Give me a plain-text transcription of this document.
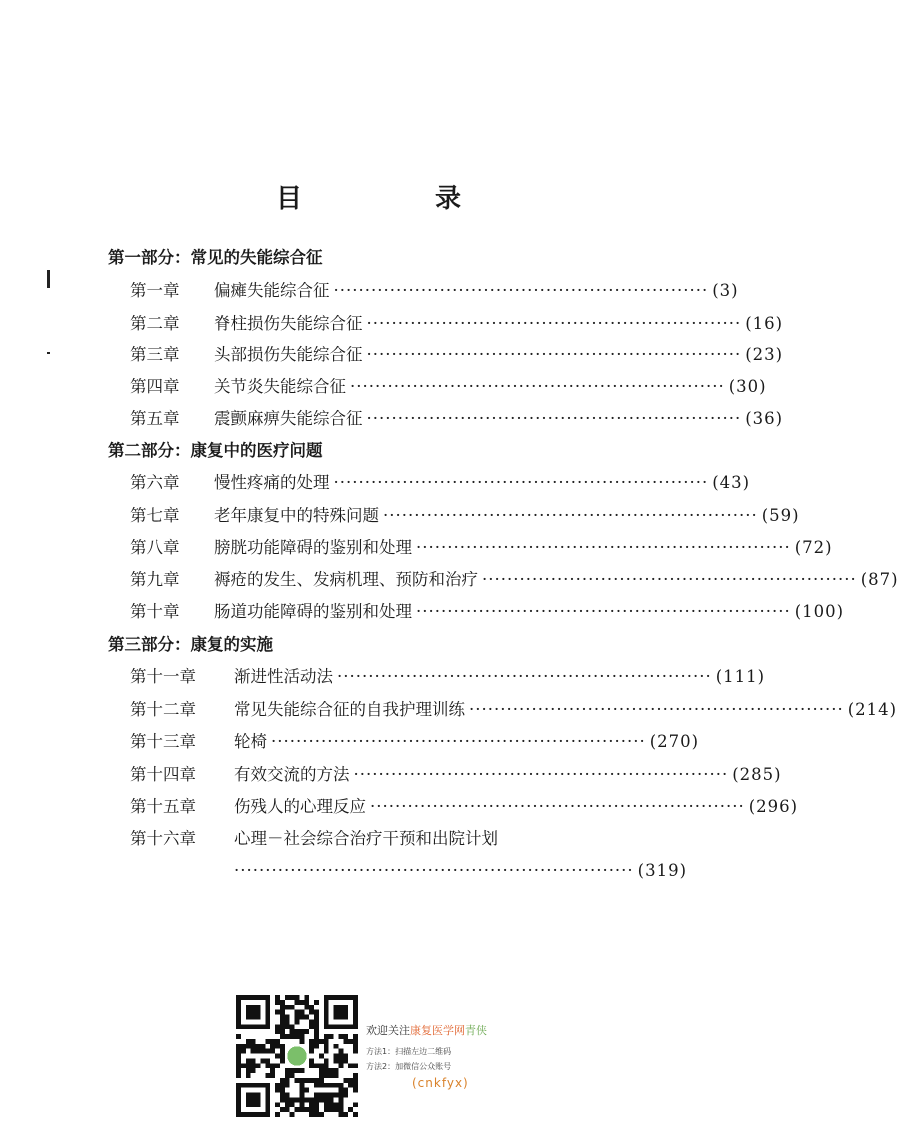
目 录
第一部分：常见的失能综合征
第一章 偏瘫失能综合征 ···························································· (3)
第二章 脊柱损伤失能综合征 ···························································· (16)
第三章 头部损伤失能综合征 ···························································· (23)
第四章 关节炎失能综合征 ···························································· (30)
第五章 震颤麻痹失能综合征 ···························································· (36)
第二部分：康复中的医疗问题
第六章 慢性疼痛的处理 ···························································· (43)
第七章 老年康复中的特殊问题 ···························································· (59)
第八章 膀胱功能障碍的鉴别和处理 ···························································· (72)
第九章 褥疮的发生、发病机理、预防和治疗 ···························································· (87)
第十章 肠道功能障碍的鉴别和处理 ···························································· (100)
第三部分：康复的实施
第十一章 渐进性活动法 ···························································· (111)
第十二章 常见失能综合征的自我护理训练 ···························································· (214)
第十三章 轮椅 ···························································· (270)
第十四章 有效交流的方法 ···························································· (285)
第十五章 伤残人的心理反应 ···························································· (296)
第十六章 心理－社会综合治疗干预和出院计划
································································ (319)
欢迎关注康复医学网青侠
方法1：扫描左边二维码
方法2：加微信公众账号
(cnkfyx)
